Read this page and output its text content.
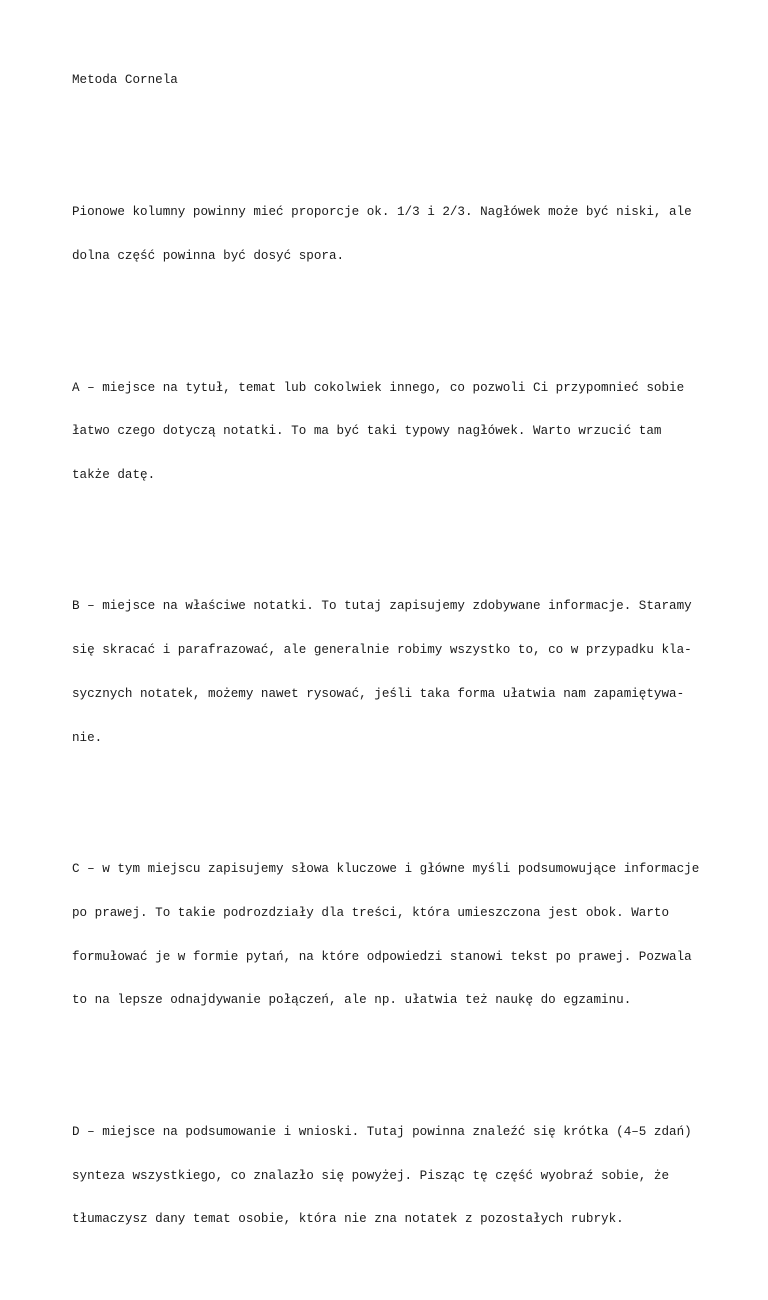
Metoda Cornela

Pionowe kolumny powinny mieć proporcje ok. 1/3 i 2/3. Nagłówek może być niski, ale

dolna część powinna być dosyć spora.

A – miejsce na tytuł, temat lub cokolwiek innego, co pozwoli Ci przypomnieć sobie

łatwo czego dotyczą notatki. To ma być taki typowy nagłówek. Warto wrzucić tam

także datę.

B – miejsce na właściwe notatki. To tutaj zapisujemy zdobywane informacje. Staramy

się skracać i parafrazować, ale generalnie robimy wszystko to, co w przypadku kla-

sycznych notatek, możemy nawet rysować, jeśli taka forma ułatwia nam zapamiętywa-

nie.

C – w tym miejscu zapisujemy słowa kluczowe i główne myśli podsumowujące informacje

po prawej. To takie podrozdziały dla treści, która umieszczona jest obok. Warto

formułować je w formie pytań, na które odpowiedzi stanowi tekst po prawej. Pozwala

to na lepsze odnajdywanie połączeń, ale np. ułatwia też naukę do egzaminu.

D – miejsce na podsumowanie i wnioski. Tutaj powinna znaleźć się krótka (4–5 zdań)

synteza wszystkiego, co znalazło się powyżej. Pisząc tę część wyobraź sobie, że

tłumaczysz dany temat osobie, która nie zna notatek z pozostałych rubryk.
